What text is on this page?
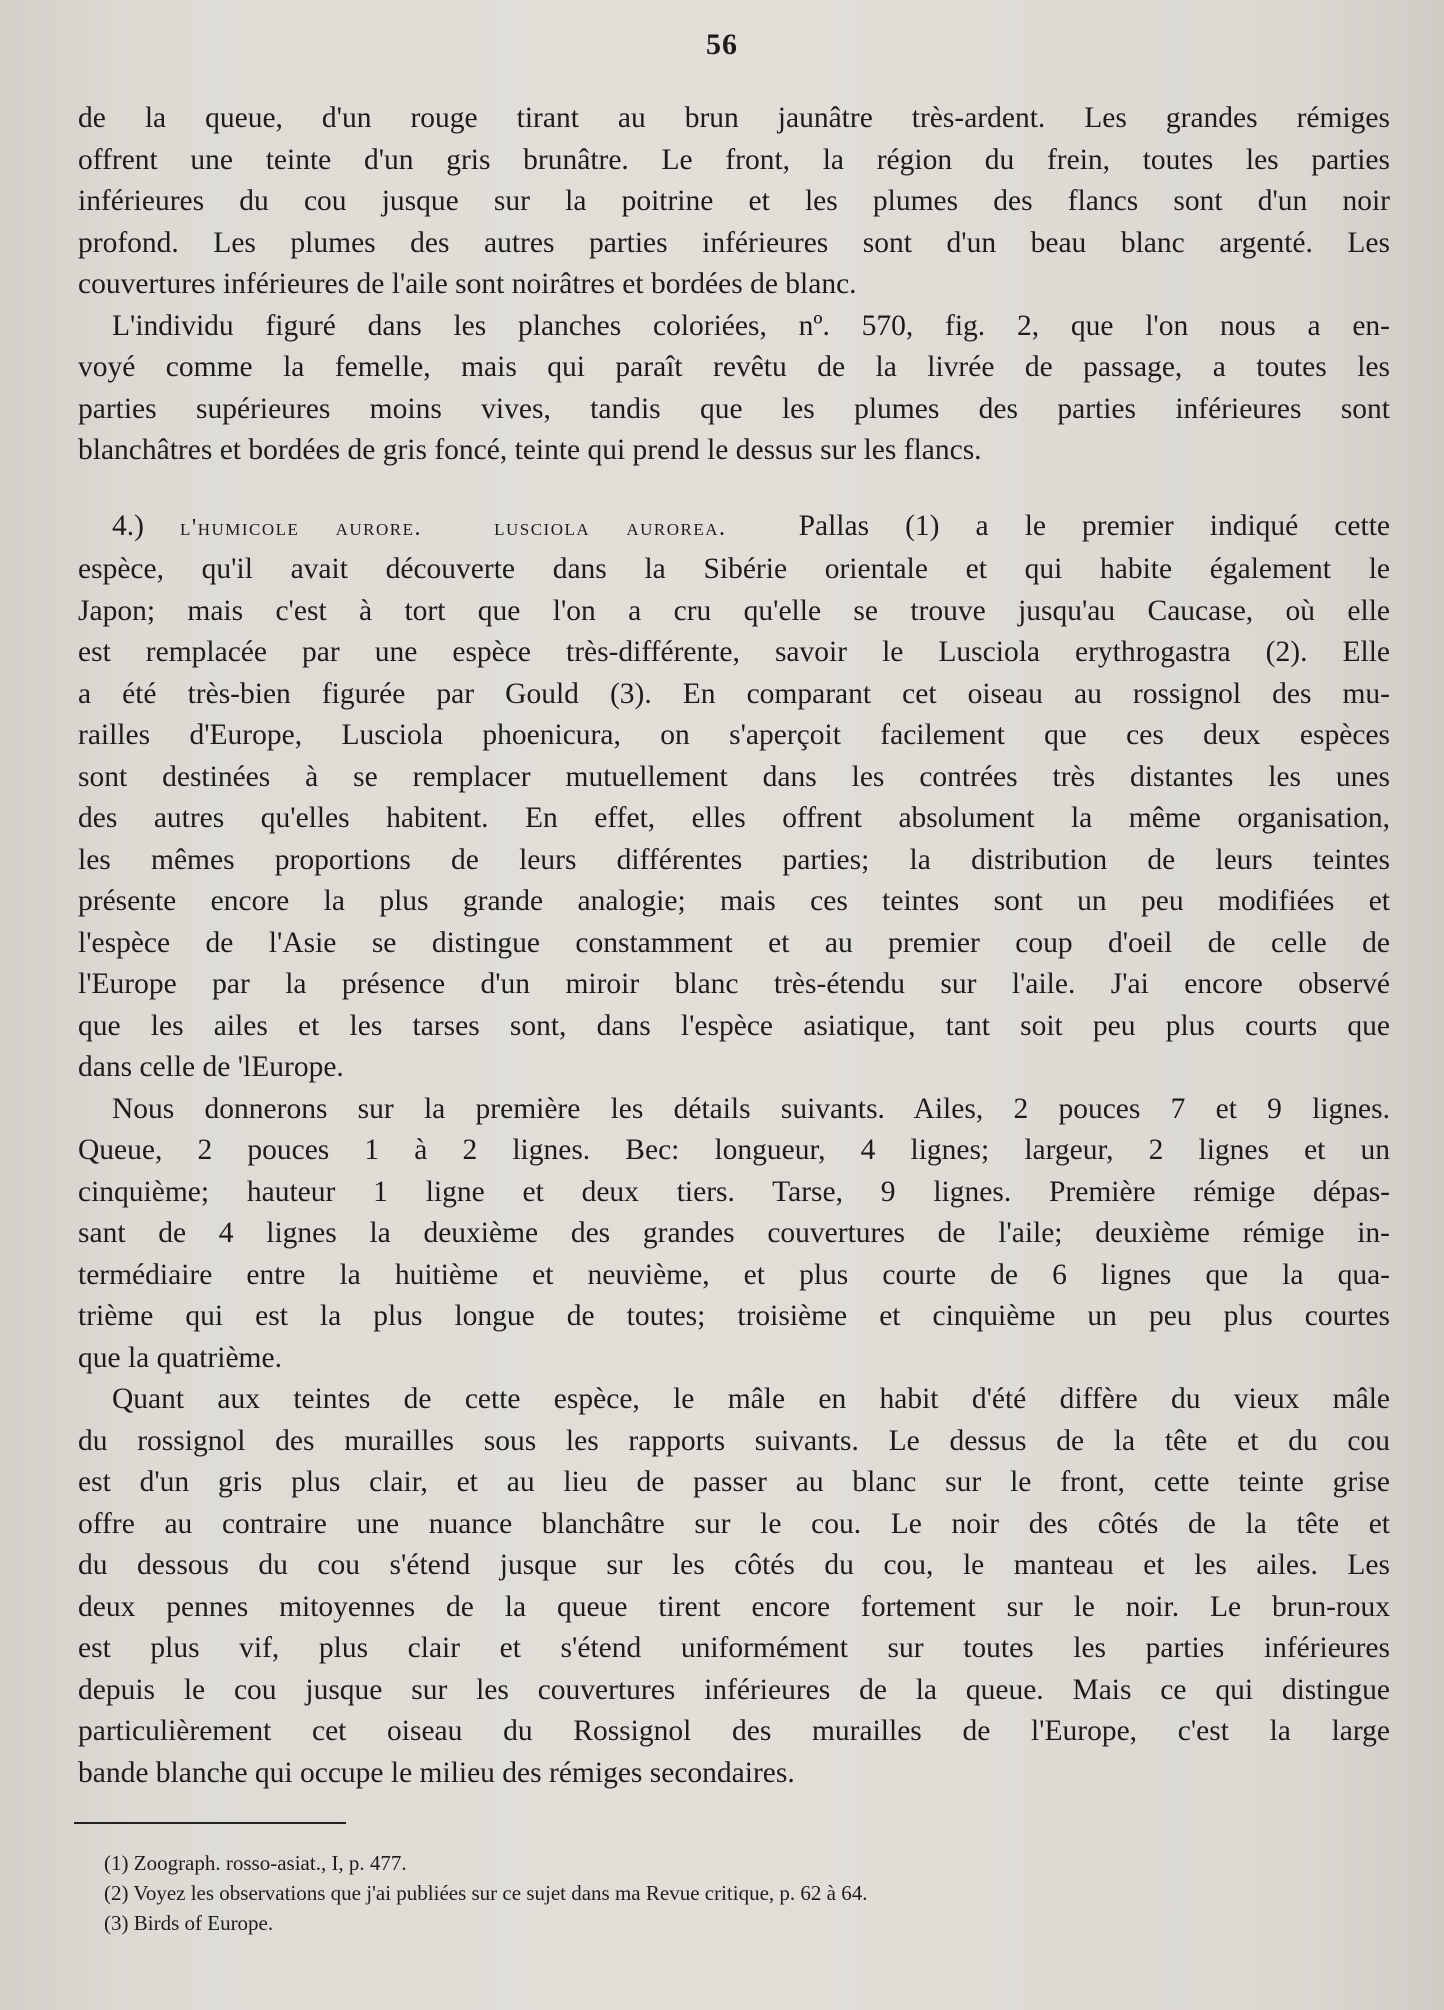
56
de la queue, d'un rouge tirant au brun jaunâtre très-ardent. Les grandes rémiges
offrent une teinte d'un gris brunâtre. Le front, la région du frein, toutes les parties
inférieures du cou jusque sur la poitrine et les plumes des flancs sont d'un noir
profond. Les plumes des autres parties inférieures sont d'un beau blanc argenté. Les
couvertures inférieures de l'aile sont noirâtres et bordées de blanc.
L'individu figuré dans les planches coloriées, nº. 570, fig. 2, que l'on nous a en-
voyé comme la femelle, mais qui paraît revêtu de la livrée de passage, a toutes les
parties supérieures moins vives, tandis que les plumes des parties inférieures sont
blanchâtres et bordées de gris foncé, teinte qui prend le dessus sur les flancs.
4.) l'humicole aurore.	lusciola aurorea. Pallas (1) a le premier indiqué cette
espèce, qu'il avait découverte dans la Sibérie orientale et qui habite également le
Japon; mais c'est à tort que l'on a cru qu'elle se trouve jusqu'au Caucase, où elle
est remplacée par une espèce très-différente, savoir le Lusciola erythrogastra (2). Elle
a été très-bien figurée par Gould (3). En comparant cet oiseau au rossignol des mu-
railles d'Europe, Lusciola phoenicura, on s'aperçoit facilement que ces deux espèces
sont destinées à se remplacer mutuellement dans les contrées très distantes les unes
des autres qu'elles habitent. En effet, elles offrent absolument la même organisation,
les mêmes proportions de leurs différentes parties; la distribution de leurs teintes
présente encore la plus grande analogie; mais ces teintes sont un peu modifiées et
l'espèce de l'Asie se distingue constamment et au premier coup d'oeil de celle de
l'Europe par la présence d'un miroir blanc très-étendu sur l'aile. J'ai encore observé
que les ailes et les tarses sont, dans l'espèce asiatique, tant soit peu plus courts que
dans celle de 'lEurope.
Nous donnerons sur la première les détails suivants. Ailes, 2 pouces 7 et 9 lignes.
Queue, 2 pouces 1 à 2 lignes. Bec: longueur, 4 lignes; largeur, 2 lignes et un
cinquième; hauteur 1 ligne et deux tiers. Tarse, 9 lignes. Première rémige dépas-
sant de 4 lignes la deuxième des grandes couvertures de l'aile; deuxième rémige in-
termédiaire entre la huitième et neuvième, et plus courte de 6 lignes que la qua-
trième qui est la plus longue de toutes; troisième et cinquième un peu plus courtes
que la quatrième.
Quant aux teintes de cette espèce, le mâle en habit d'été diffère du vieux mâle
du rossignol des murailles sous les rapports suivants. Le dessus de la tête et du cou
est d'un gris plus clair, et au lieu de passer au blanc sur le front, cette teinte grise
offre au contraire une nuance blanchâtre sur le cou. Le noir des côtés de la tête et
du dessous du cou s'étend jusque sur les côtés du cou, le manteau et les ailes. Les
deux pennes mitoyennes de la queue tirent encore fortement sur le noir. Le brun-roux
est plus vif, plus clair et s'étend uniformément sur toutes les parties inférieures
depuis le cou jusque sur les couvertures inférieures de la queue. Mais ce qui distingue
particulièrement cet oiseau du Rossignol des murailles de l'Europe, c'est la large
bande blanche qui occupe le milieu des rémiges secondaires.
(1) Zoograph. rosso-asiat., I, p. 477.
(2) Voyez les observations que j'ai publiées sur ce sujet dans ma Revue critique, p. 62 à 64.
(3) Birds of Europe.
